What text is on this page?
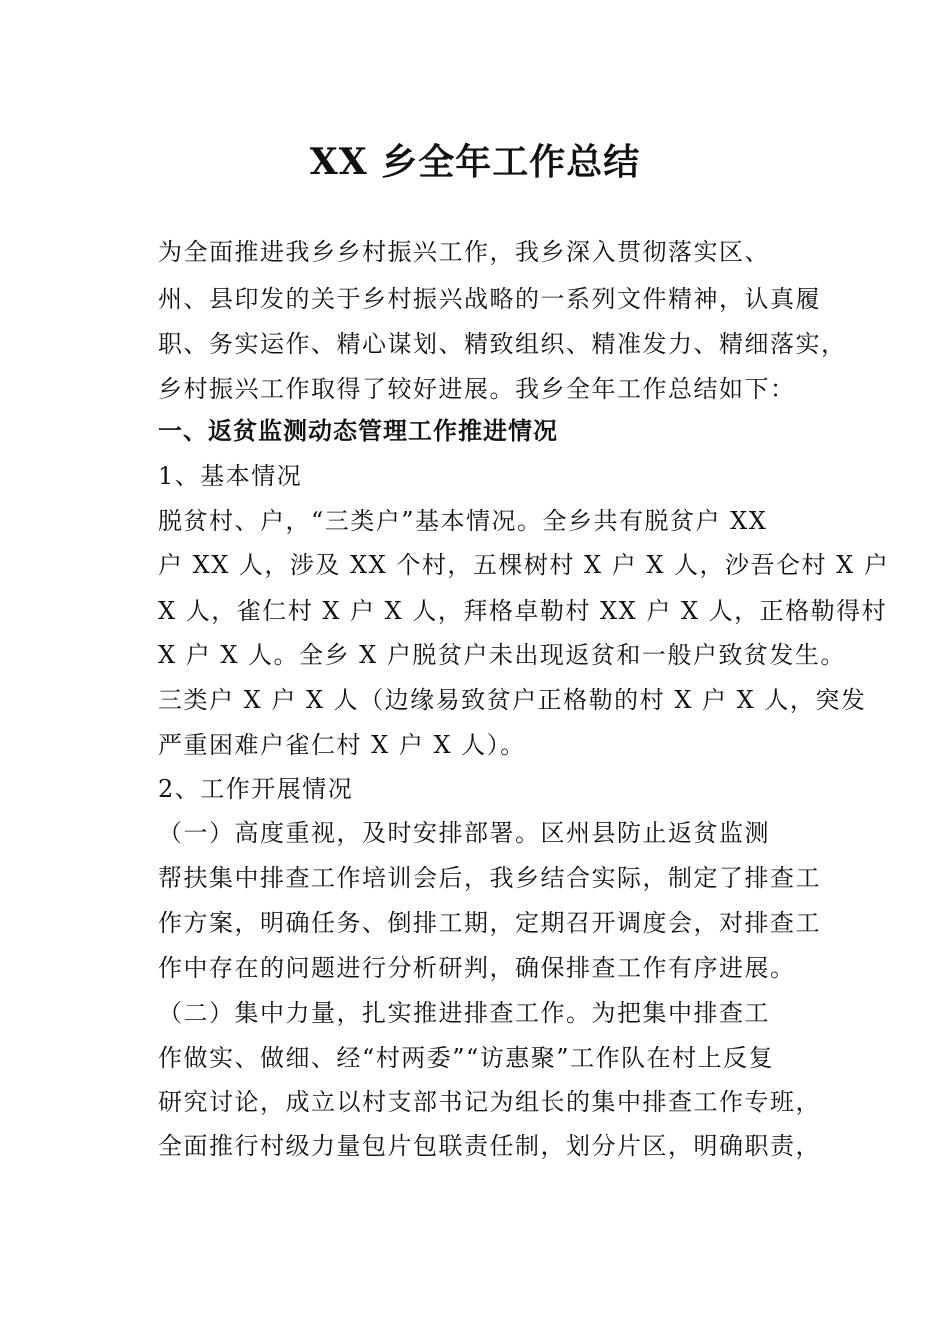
XX 乡全年工作总结
为全面推进我乡乡村振兴工作，我乡深入贯彻落实区、
州、县印发的关于乡村振兴战略的一系列文件精神，认真履
职、务实运作、精心谋划、精致组织、精准发力、精细落实，
乡村振兴工作取得了较好进展。我乡全年工作总结如下：
一、返贫监测动态管理工作推进情况
1、基本情况
脱贫村、户，“三类户”基本情况。全乡共有脱贫户 XX
户 XX 人，涉及 XX 个村，五棵树村 X 户 X 人，沙吾仑村 X 户
X 人，雀仁村 X 户 X 人，拜格卓勒村 XX 户 X 人，正格勒得村
X 户 X 人。全乡 X 户脱贫户未出现返贫和一般户致贫发生。
三类户 X 户 X 人（边缘易致贫户正格勒的村 X 户 X 人，突发
严重困难户雀仁村 X 户 X 人）。
2、工作开展情况
（一）高度重视，及时安排部署。区州县防止返贫监测
帮扶集中排查工作培训会后，我乡结合实际，制定了排查工
作方案，明确任务、倒排工期，定期召开调度会，对排查工
作中存在的问题进行分析研判，确保排查工作有序进展。
（二）集中力量，扎实推进排查工作。为把集中排查工
作做实、做细、经“村两委”“访惠聚”工作队在村上反复
研究讨论，成立以村支部书记为组长的集中排查工作专班，
全面推行村级力量包片包联责任制，划分片区，明确职责，
